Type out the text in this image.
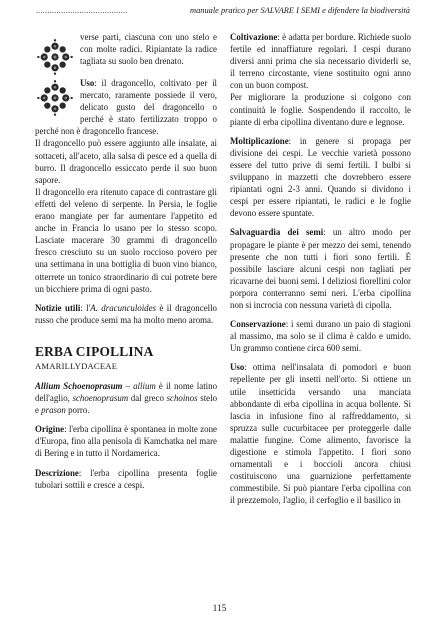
........................................	manuale pratico per SALVARE I SEMI e difendere la biodiversità

verse parti, ciascuna con uno stelo e con molte radici. Ripiantate la radice tagliata su suolo ben drenato.

Uso: il dragoncello, coltivato per il mercato, raramente possiede il vero, delicato gusto del dragoncello o perché è stato fertilizzato troppo o perché non è dragoncello francese.

Il dragoncello può essere aggiunto alle insalate, ai sottaceti, all'aceto, alla salsa di pesce ed a quella di burro. Il dragoncello essiccato perde il suo buon sapore.

Il dragoncello era ritenuto capace di contrastare gli effetti del veleno di serpente. In Persia, le foglie erano mangiate per far aumentare l'appetito ed anche in Francia lo usano per lo stesso scopo. Lasciate macerare 30 grammi di dragoncello fresco cresciuto su un suolo roccioso povero per una settimana in una bottiglia di buon vino bianco, otterrete un tonico straordinario di cui potrete bere un bicchiere prima di ogni pasto.

Notizie utili: l'A. dracunculoides è il dragoncello russo che produce semi ma ha molto meno aroma.

ERBA CIPOLLINA
AMARILLYDACEAE

Allium Schoenoprasum – allium è il nome latino dell'aglio, schoenoprasum dal greco schoinos stelo e prason porro.

Origine: l'erba cipollina è spontanea in molte zone d'Europa, fino alla penisola di Kamchatka nel mare di Bering e in tutto il Nordamerica.

Descrizione: l'erba cipollina presenta foglie tubolari sottili e cresce a cespi.

Coltivazione: è adatta per bordure. Richiede suolo fertile ed innaffiature regolari. I cespi durano diversi anni prima che sia necessario dividerli se, il terreno circostante, viene sostituito ogni anno con un buon compost.

Per migliorare la produzione si colgono con continuità le foglie. Sospendendo il raccolto, le piante di erba cipollina diventano dure e legnose.

Moltiplicazione: in genere si propaga per divisione dei cespi. Le vecchie varietà possono essere del tutto prive di semi fertili. I bulbi si sviluppano in mazzetti che dovrebbero essere ripiantati ogni 2-3 anni. Quando si dividono i cespi per essere ripiantati, le radici e le foglie devono essere spuntate.

Salvaguardia dei semi: un altro modo per propagare le piante è per mezzo dei semi, tenendo presente che non tutti i fiori sono fertili. È possibile lasciare alcuni cespi non tagliati per ricavarne dei buoni semi. I deliziosi fiorellini color porpora conterranno semi neri. L'erba cipollina non si incrocia con nessuna varietà di cipolla.

Conservazione: i semi durano un paio di stagioni al massimo, ma solo se il clima è caldo e umido. Un grammo contiene circa 600 semi.

Uso: ottima nell'insalata di pomodori e buon repellente per gli insetti nell'orto. Si ottiene un utile insetticida versando una manciata abbondante di erba cipollina in acqua bollente. Si lascia in infusione fino al raffreddamento, si spruzza sulle cucurbitacee per proteggerle dalle malattie fungine. Come alimento, favorisce la digestione e stimola l'appetito. I fiori sono ornamentali e i boccioli ancora chiusi costituiscono una guarnizione perfettamente commestibile. Si può piantare l'erba cipollina con il prezzemolo, l'aglio, il cerfoglio e il basilico in

115
